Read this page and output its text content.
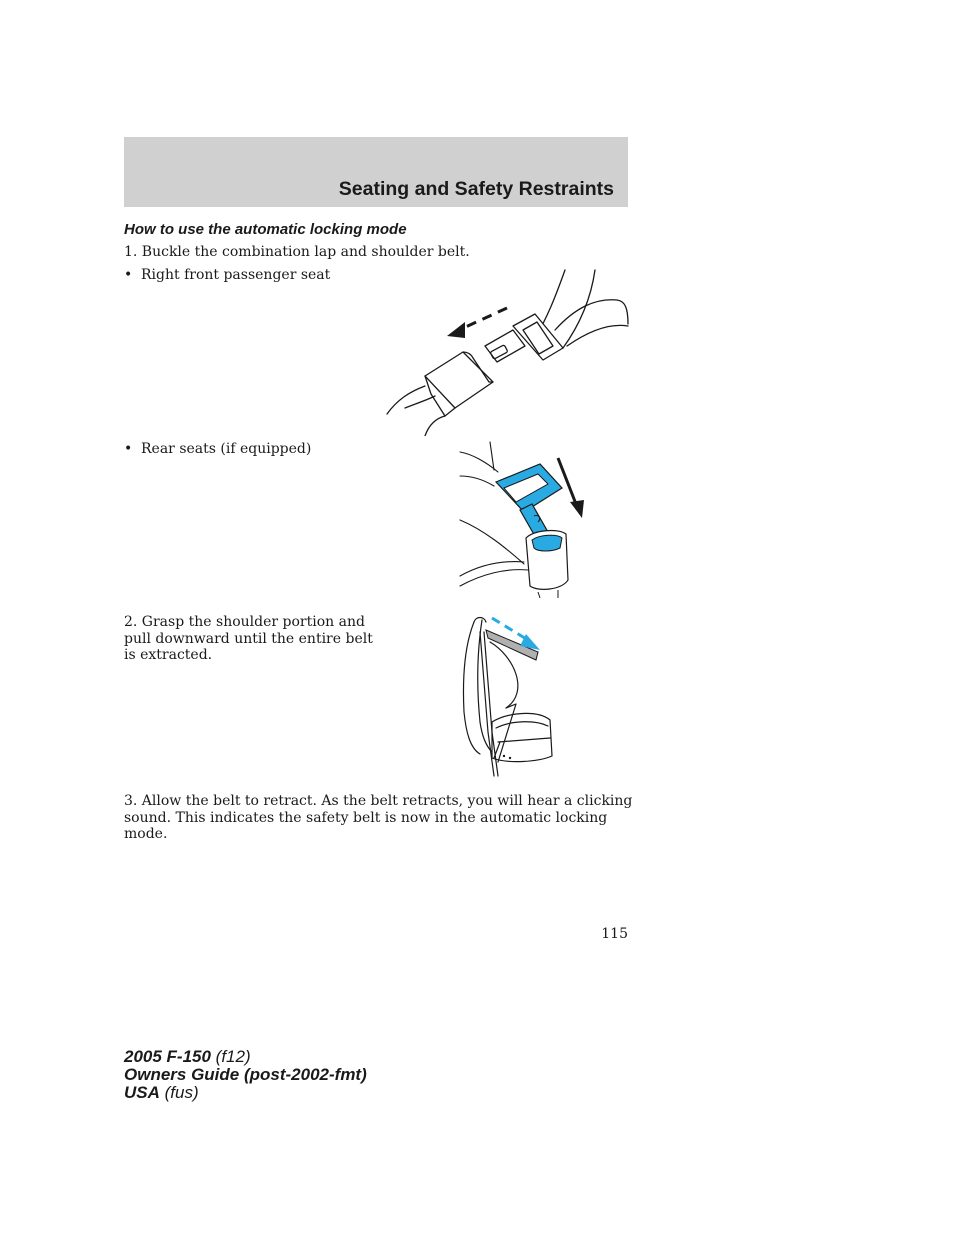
Seating and Safety Restraints
How to use the automatic locking mode
1. Buckle the combination lap and shoulder belt.
• Right front passenger seat
• Rear seats (if equipped)
2. Grasp the shoulder portion and
pull downward until the entire belt
is extracted.
3. Allow the belt to retract. As the belt retracts, you will hear a clicking
sound. This indicates the safety belt is now in the automatic locking
mode.
115
2005 F-150 (f12)
Owners Guide (post-2002-fmt)
USA (fus)
